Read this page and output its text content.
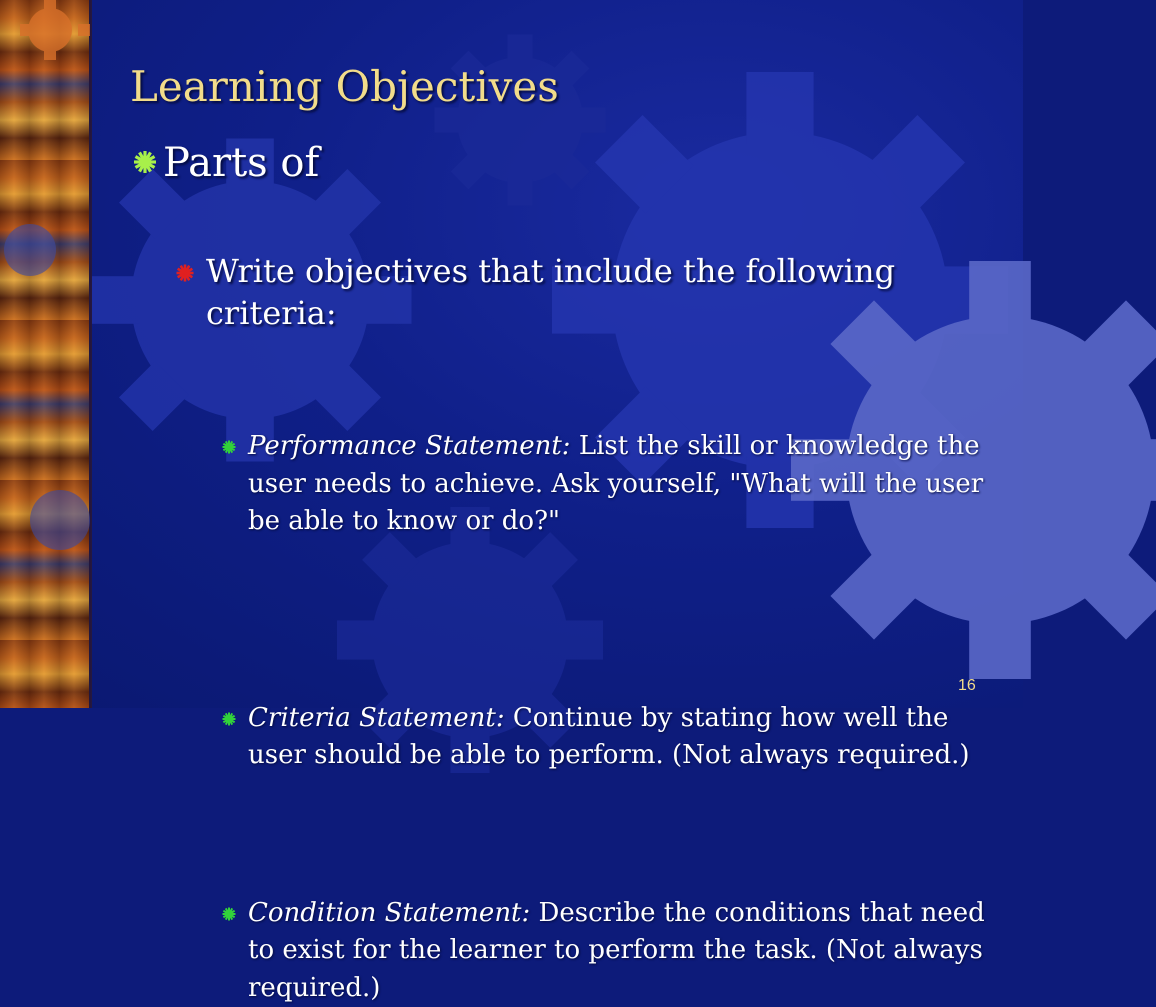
Learning Objectives
Parts of
Write objectives that include the following criteria:
Performance Statement: List the skill or knowledge the user needs to achieve. Ask yourself, "What will the user be able to know or do?"
Criteria Statement: Continue by stating how well the user should be able to perform. (Not always required.)
Condition Statement: Describe the conditions that need to exist for the learner to perform the task. (Not always required.)
16
